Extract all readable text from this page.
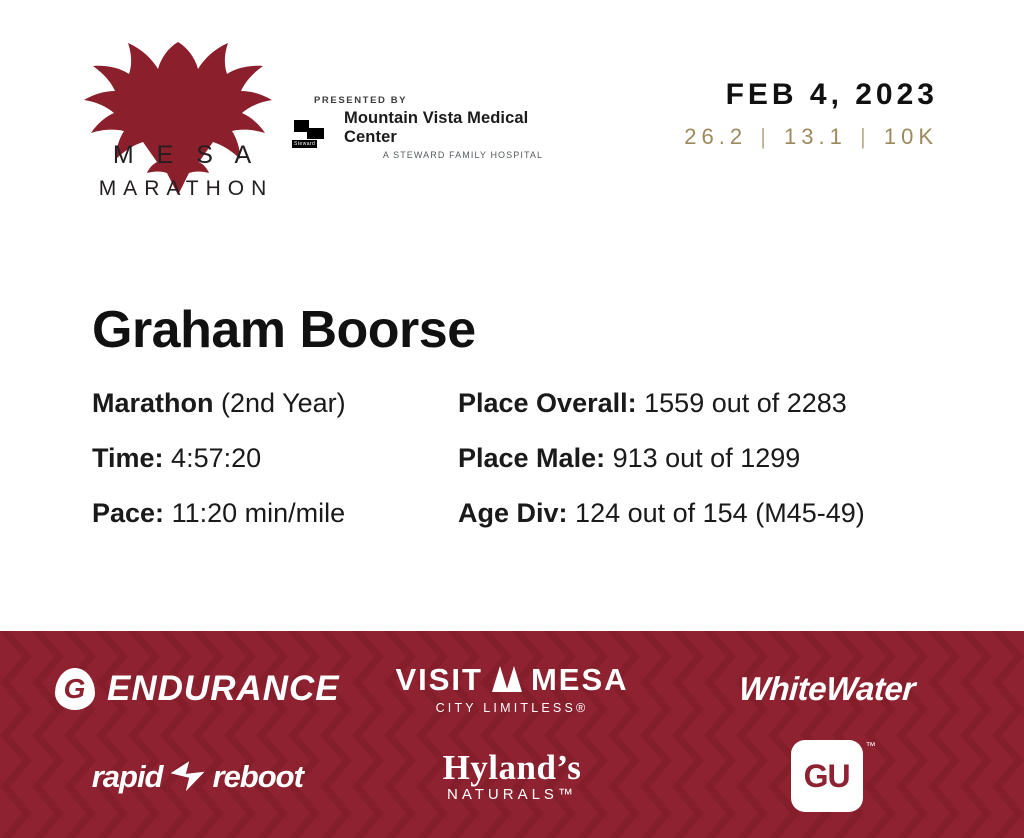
M E S A
MARATHON
PRESENTED BY
Steward
Mountain Vista Medical Center
A STEWARD FAMILY HOSPITAL
FEB 4, 2023
26.2 | 13.1 | 10K
Graham Boorse
Marathon (2nd Year)	Place Overall: 1559 out of 2283
Time: 4:57:20	Place Male: 913 out of 1299
Pace: 11:20 min/mile	Age Div: 124 out of 154 (M45-49)
G
ENDURANCE VISIT MESA
CITY LIMITLESS®
WhiteWater
rapid reboot	Hyland’s
NATURALS™
GU
™
